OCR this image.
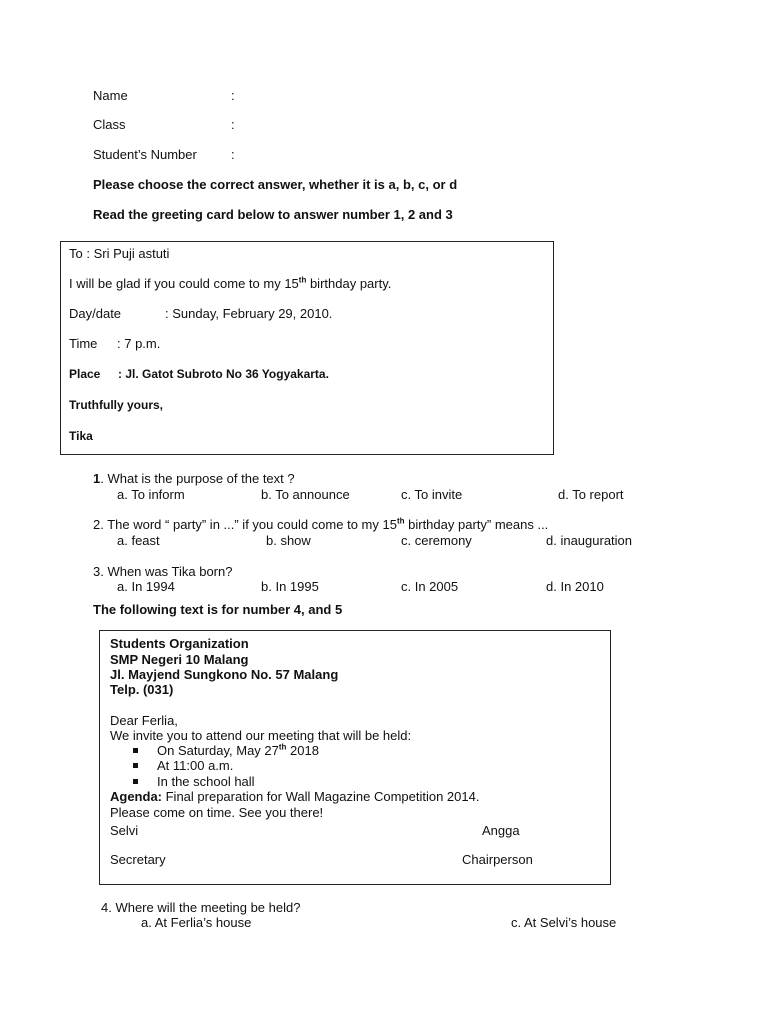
Name	:
Class	:
Student’s Number	:
Please choose the correct answer, whether it is a, b, c, or d
Read the greeting card below to answer number 1, 2 and 3
To : Sri Puji astuti
I will be glad if you could come to my 15th birthday party.
Day/date	: Sunday, February 29, 2010.
Time : 7 p.m.
Place : Jl. Gatot Subroto No 36 Yogyakarta.
Truthfully yours,
Tika
1. What is the purpose of the text ?
a. To inform	b. To announce	c. To invite	d. To report
2. The word “ party” in ...” if you could come to my 15th birthday party” means ...
a. feast	b. show	c. ceremony	d. inauguration
3. When was Tika born?
a. In 1994	b. In 1995	c. In 2005	d. In 2010
The following text is for number 4, and 5
Students Organization
SMP Negeri 10 Malang
Jl. Mayjend Sungkono No. 57 Malang
Telp. (031)
Dear Ferlia,
We invite you to attend our meeting that will be held:
On Saturday, May 27th 2018
At 11:00 a.m.
In the school hall
Agenda: Final preparation for Wall Magazine Competition 2014.
Please come on time. See you there!
Selvi	Angga
Secretary	Chairperson
4. Where will the meeting be held?
a. At Ferlia’s house	c. At Selvi’s house
